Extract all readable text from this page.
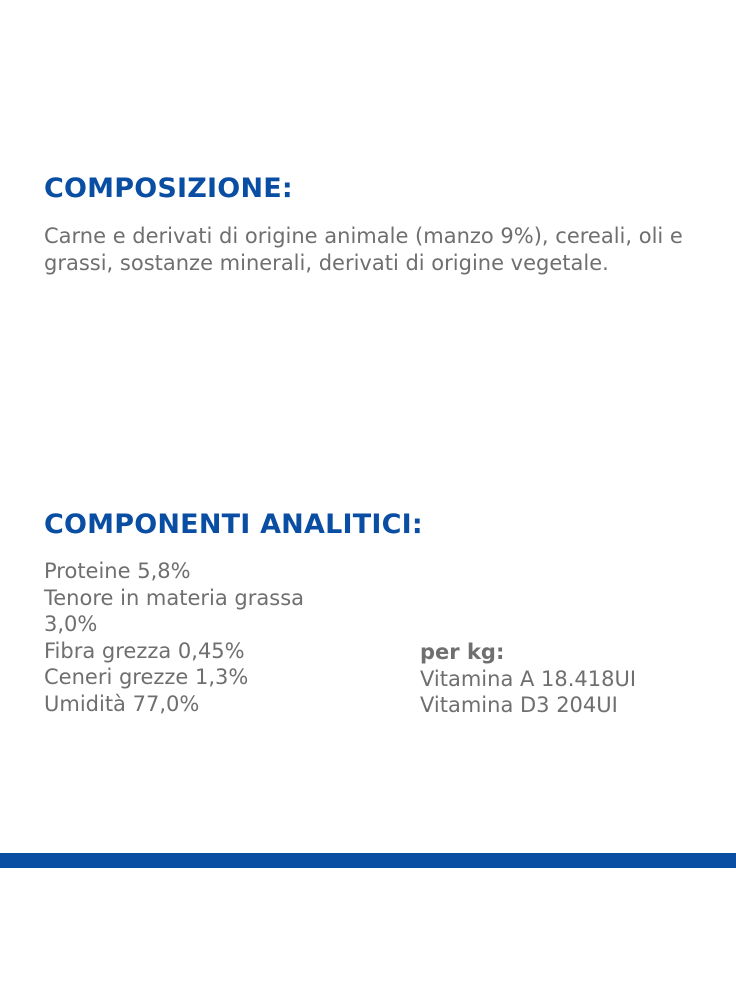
COMPOSIZIONE:

Carne e derivati di origine animale (manzo 9%), cereali, oli e grassi, sostanze minerali, derivati di origine vegetale.

COMPONENTI ANALITICI:
Proteine 5,8%
Tenore in materia grassa 3,0%
Fibra grezza 0,45%
Ceneri grezze 1,3%
Umidità 77,0%
per kg:
Vitamina A 18.418UI
Vitamina D3 204UI
